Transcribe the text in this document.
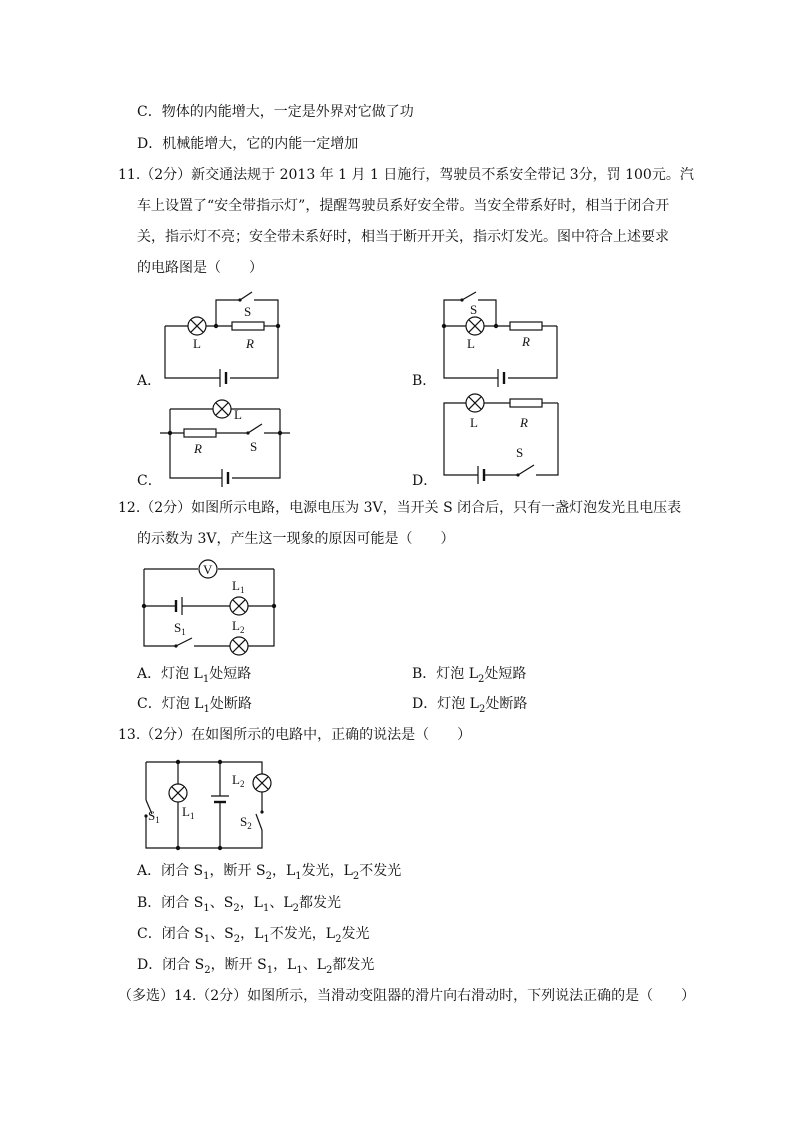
C．物体的内能增大，一定是外界对它做了功
D．机械能增大，它的内能一定增加
11.（2分）新交通法规于 2013 年 1 月 1 日施行，驾驶员不系安全带记 3分，罚 100元。汽
车上设置了“安全带指示灯”，提醒驾驶员系好安全带。当安全带系好时，相当于闭合开
关，指示灯不亮；安全带未系好时，相当于断开开关，指示灯发光。图中符合上述要求
的电路图是（　　）
A．	B．
C．	D．
S
L	R
S
L	R
L
R	S
L	R
S
12.（2分）如图所示电路，电源电压为 3V，当开关 S 闭合后，只有一盏灯泡发光且电压表
的示数为 3V，产生这一现象的原因可能是（　　）
V
$L_1$
$L_2$
$S_1$
A．灯泡 $L_1$处短路	B．灯泡 $L_2$处短路
C．灯泡 $L_1$处断路	D．灯泡 $L_2$处断路
13.（2分）在如图所示的电路中，正确的说法是（　　）
$S_1$
$L_1$
$L_2$
$S_2$
A．闭合 $S_1$，断开 $S_2$，$L_1$发光，$L_2$不发光
B．闭合 $S_1$、$S_2$，$L_1$、$L_2$都发光
C．闭合 $S_1$、$S_2$，$L_1$不发光，$L_2$发光
D．闭合 $S_2$，断开 $S_1$，$L_1$、$L_2$都发光
（多选）14.（2分）如图所示，当滑动变阻器的滑片向右滑动时，下列说法正确的是（　　）
